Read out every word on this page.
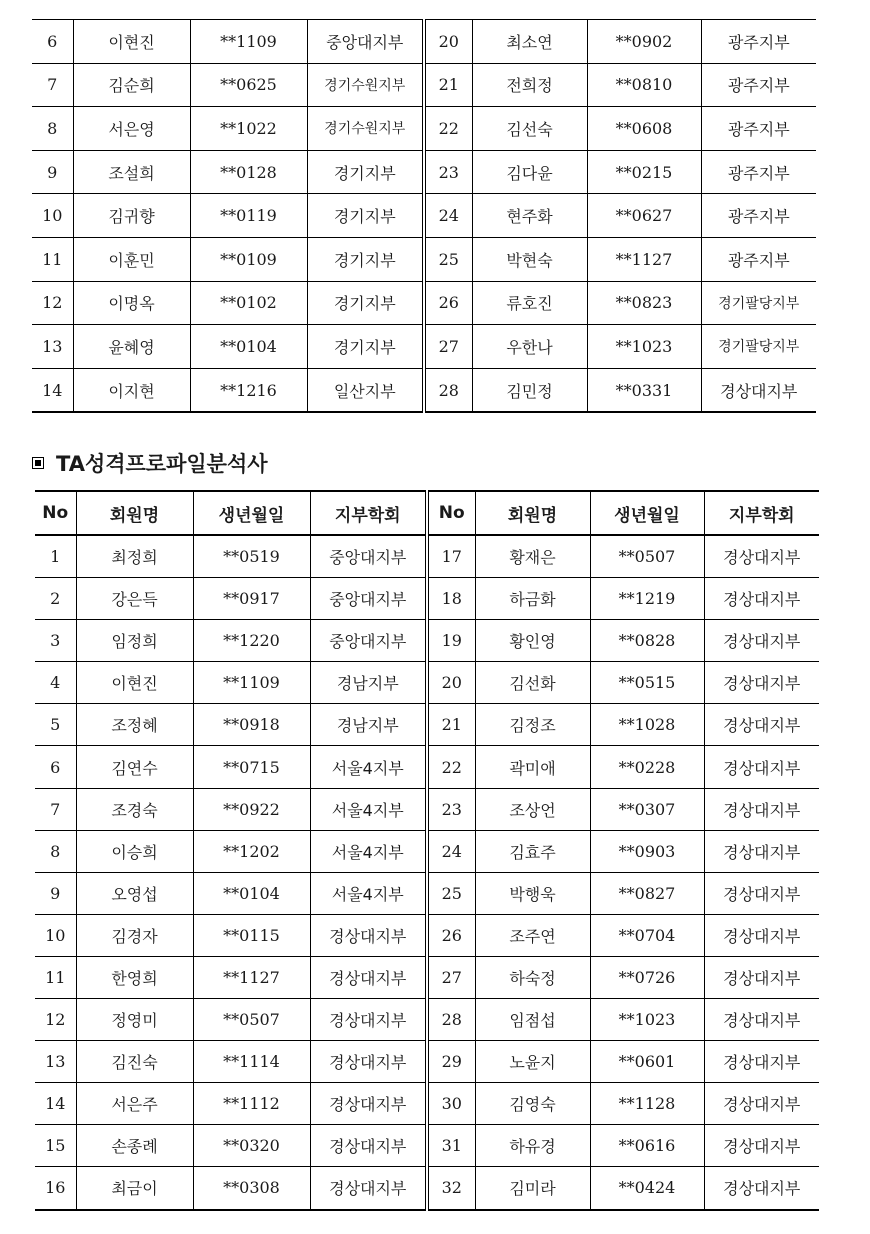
6	이현진	**1109	중앙대지부	20	최소연	**0902	광주지부
7	김순희	**0625	경기수원지부	21	전희정	**0810	광주지부
8	서은영	**1022	경기수원지부	22	김선숙	**0608	광주지부
9	조설희	**0128	경기지부	23	김다윤	**0215	광주지부
10	김귀향	**0119	경기지부	24	현주화	**0627	광주지부
11	이훈민	**0109	경기지부	25	박현숙	**1127	광주지부
12	이명옥	**0102	경기지부	26	류호진	**0823	경기팔당지부
13	윤혜영	**0104	경기지부	27	우한나	**1023	경기팔당지부
14	이지현	**1216	일산지부	28	김민정	**0331	경상대지부
TA성격프로파일분석사
No	회원명	생년월일	지부학회	No	회원명	생년월일	지부학회
1	최정희	**0519	중앙대지부	17	황재은	**0507	경상대지부
2	강은득	**0917	중앙대지부	18	하금화	**1219	경상대지부
3	임정희	**1220	중앙대지부	19	황인영	**0828	경상대지부
4	이현진	**1109	경남지부	20	김선화	**0515	경상대지부
5	조정혜	**0918	경남지부	21	김정조	**1028	경상대지부
6	김연수	**0715	서울4지부	22	곽미애	**0228	경상대지부
7	조경숙	**0922	서울4지부	23	조상언	**0307	경상대지부
8	이승희	**1202	서울4지부	24	김효주	**0903	경상대지부
9	오영섭	**0104	서울4지부	25	박행욱	**0827	경상대지부
10	김경자	**0115	경상대지부	26	조주연	**0704	경상대지부
11	한영희	**1127	경상대지부	27	하숙정	**0726	경상대지부
12	정영미	**0507	경상대지부	28	임점섭	**1023	경상대지부
13	김진숙	**1114	경상대지부	29	노윤지	**0601	경상대지부
14	서은주	**1112	경상대지부	30	김영숙	**1128	경상대지부
15	손종례	**0320	경상대지부	31	하유경	**0616	경상대지부
16	최금이	**0308	경상대지부	32	김미라	**0424	경상대지부
